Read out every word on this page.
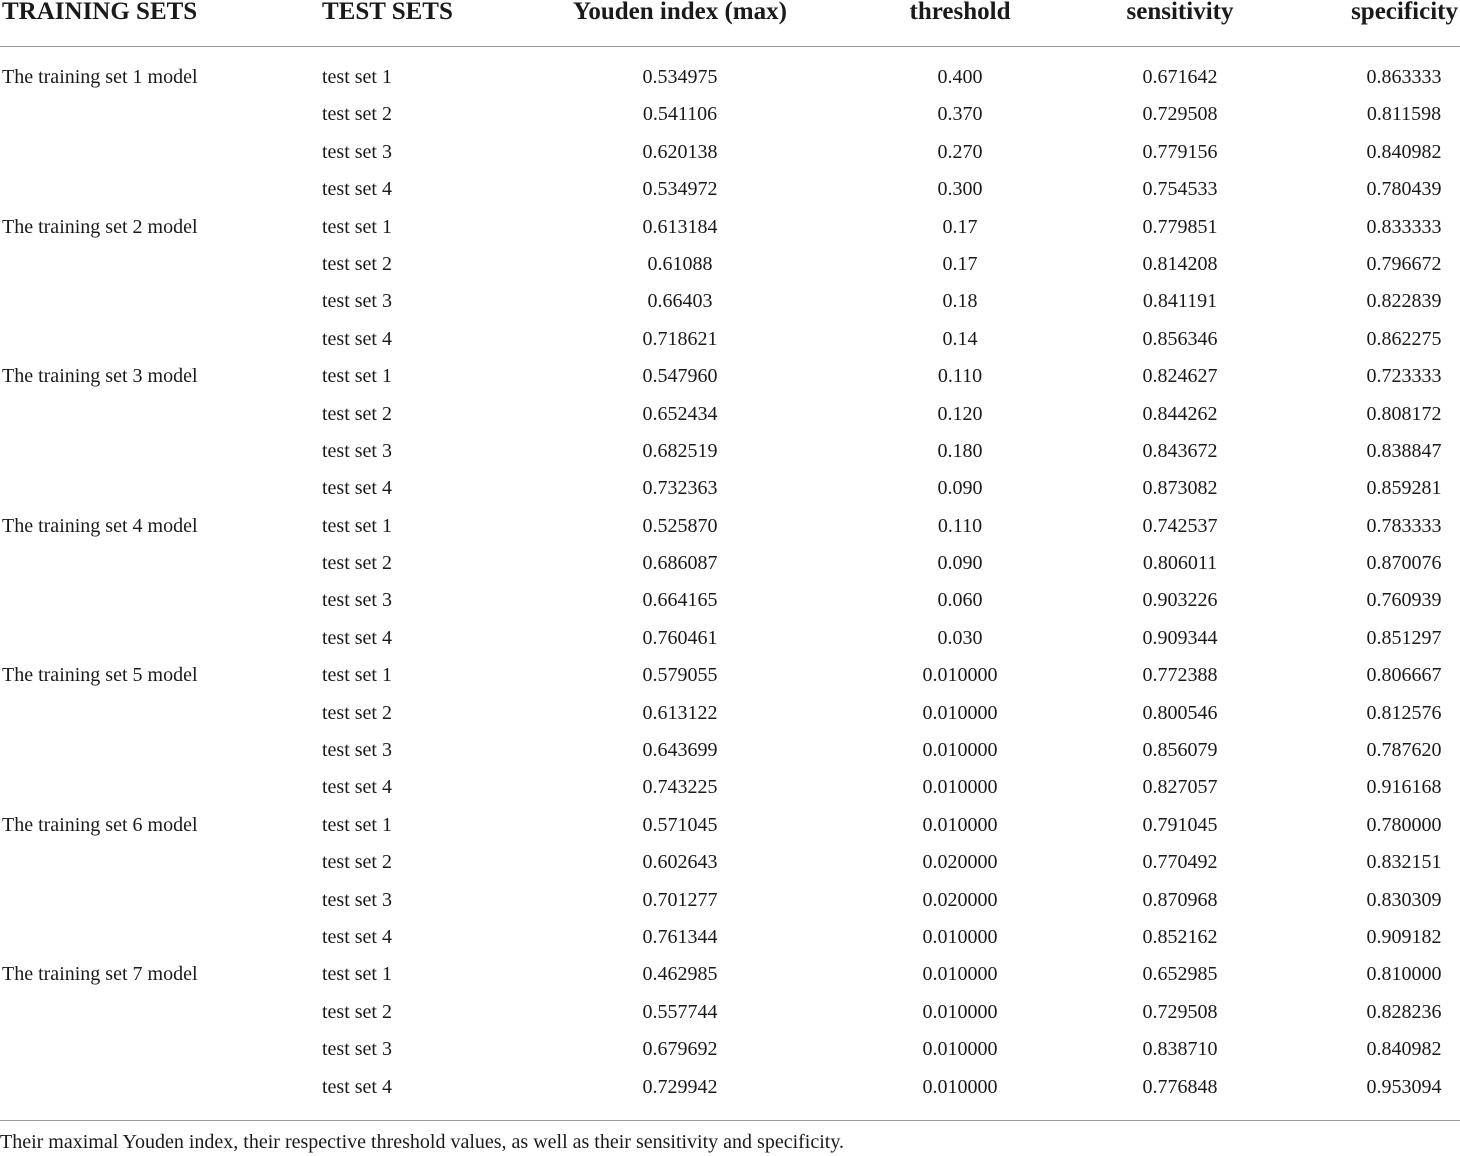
TRAINING SETS	TEST SETS	Youden index (max)	threshold	sensitivity	specificity
The training set 1 model	test set 1	0.534975	0.400	0.671642	0.863333
test set 2	0.541106	0.370	0.729508	0.811598
test set 3	0.620138	0.270	0.779156	0.840982
test set 4	0.534972	0.300	0.754533	0.780439
The training set 2 model	test set 1	0.613184	0.17	0.779851	0.833333
test set 2	0.61088	0.17	0.814208	0.796672
test set 3	0.66403	0.18	0.841191	0.822839
test set 4	0.718621	0.14	0.856346	0.862275
The training set 3 model	test set 1	0.547960	0.110	0.824627	0.723333
test set 2	0.652434	0.120	0.844262	0.808172
test set 3	0.682519	0.180	0.843672	0.838847
test set 4	0.732363	0.090	0.873082	0.859281
The training set 4 model	test set 1	0.525870	0.110	0.742537	0.783333
test set 2	0.686087	0.090	0.806011	0.870076
test set 3	0.664165	0.060	0.903226	0.760939
test set 4	0.760461	0.030	0.909344	0.851297
The training set 5 model	test set 1	0.579055	0.010000	0.772388	0.806667
test set 2	0.613122	0.010000	0.800546	0.812576
test set 3	0.643699	0.010000	0.856079	0.787620
test set 4	0.743225	0.010000	0.827057	0.916168
The training set 6 model	test set 1	0.571045	0.010000	0.791045	0.780000
test set 2	0.602643	0.020000	0.770492	0.832151
test set 3	0.701277	0.020000	0.870968	0.830309
test set 4	0.761344	0.010000	0.852162	0.909182
The training set 7 model	test set 1	0.462985	0.010000	0.652985	0.810000
test set 2	0.557744	0.010000	0.729508	0.828236
test set 3	0.679692	0.010000	0.838710	0.840982
test set 4	0.729942	0.010000	0.776848	0.953094
Their maximal Youden index, their respective threshold values, as well as their sensitivity and specificity.
